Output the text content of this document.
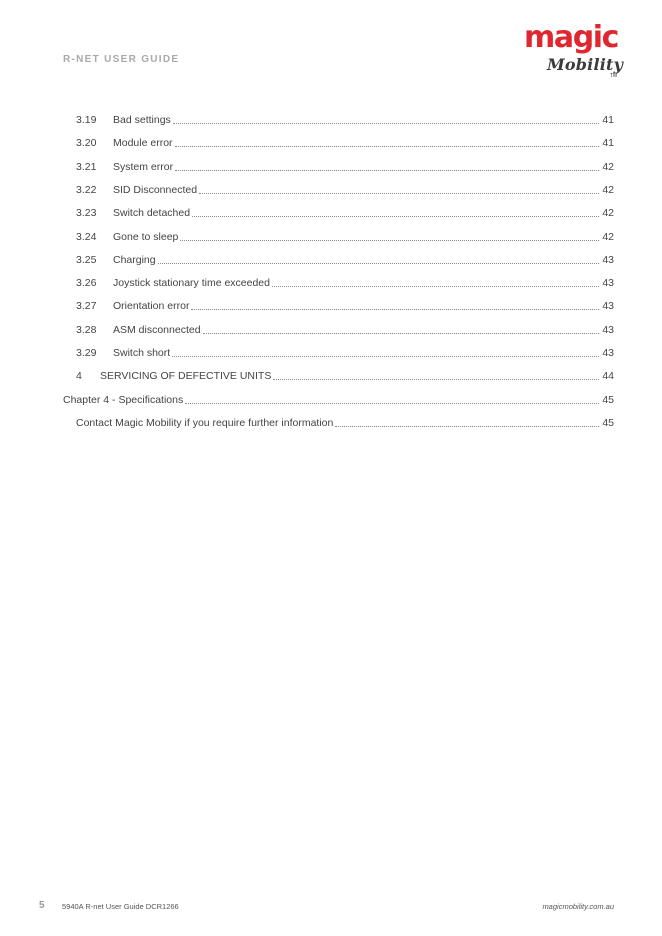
R-NET USER GUIDE
magic
Mobility
TM
3.19	Bad settings	41
3.20	Module error	41
3.21	System error	42
3.22	SID Disconnected	42
3.23	Switch detached	42
3.24	Gone to sleep	42
3.25	Charging	43
3.26	Joystick stationary time exceeded	43
3.27	Orientation error	43
3.28	ASM disconnected	43
3.29	Switch short	43
4	SERVICING OF DEFECTIVE UNITS	44
Chapter 4 - Specifications	45
Contact Magic Mobility if you require further information	45
5 5940A R-net User Guide DCR1266	magicmobility.com.au
